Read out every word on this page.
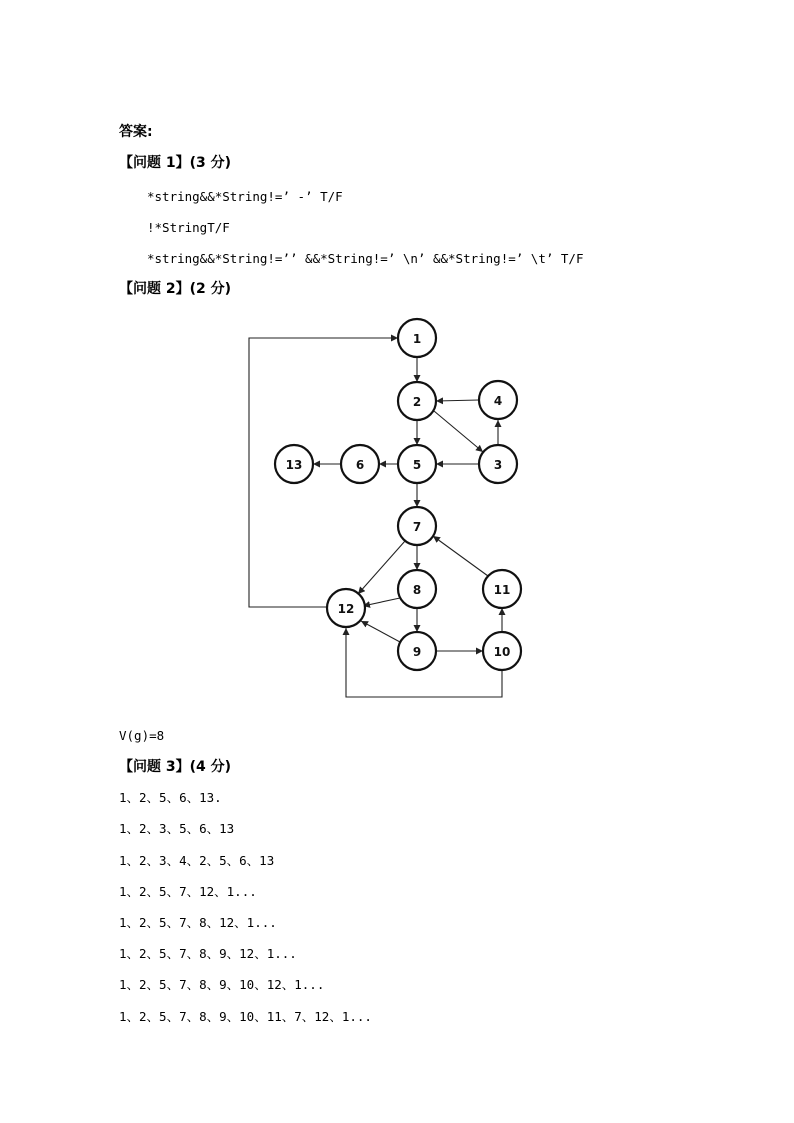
答案:
【问题 1】(3 分)
*string&&*String!=’ -’ T/F
!*StringT/F
*string&&*String!=’’ &&*String!=’ \n’ &&*String!=’ \t’ T/F
【问题 2】(2 分)
1
2
3
4
5
6
7
8
9	10
11
12
13
V(g)=8
【问题 3】(4 分)
1、2、5、6、13.
1、2、3、5、6、13
1、2、3、4、2、5、6、13
1、2、5、7、12、1...
1、2、5、7、8、12、1...
1、2、5、7、8、9、12、1...
1、2、5、7、8、9、10、12、1...
1、2、5、7、8、9、10、11、7、12、1...
